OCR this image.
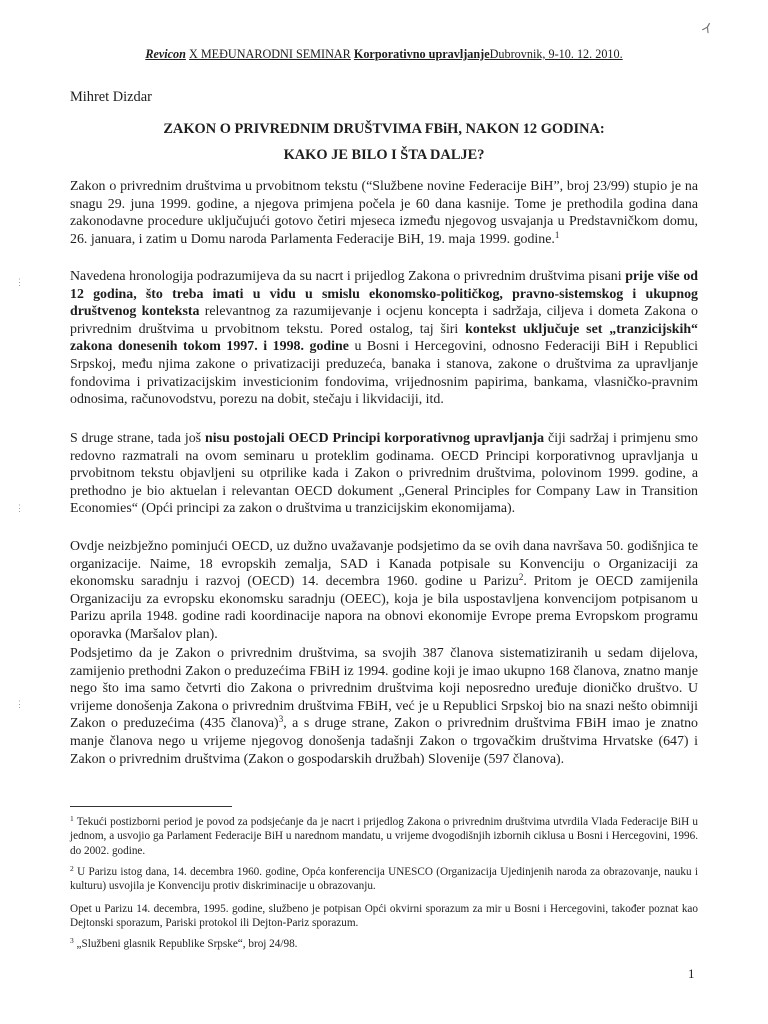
Revicon X MEĐUNARODNI SEMINAR Korporativno upravljanjeDubrovnik, 9-10. 12. 2010.
⅄
⋮
⋮
⋮
Mihret Dizdar
ZAKON O PRIVREDNIM DRUŠTVIMA FBiH, NAKON 12 GODINA:
KAKO JE BILO I ŠTA DALJE?

Zakon o privrednim društvima u prvobitnom tekstu (“Službene novine Federacije BiH”, broj 23/99) stupio je na snagu 29. juna 1999. godine, a njegova primjena počela je 60 dana kasnije. Tome je prethodila godina dana zakonodavne procedure uključujući gotovo četiri mjeseca između njegovog usvajanja u Predstavničkom domu, 26. januara, i zatim u Domu naroda Parlamenta Federacije BiH, 19. maja 1999. godine.$^1$

Navedena hronologija podrazumijeva da su nacrt i prijedlog Zakona o privrednim društvima pisani prije više od 12 godina, što treba imati u vidu u smislu ekonomsko-političkog, pravno-sistemskog i ukupnog društvenog konteksta relevantnog za razumijevanje i ocjenu koncepta i sadržaja, ciljeva i dometa Zakona o privrednim društvima u prvobitnom tekstu. Pored ostalog, taj širi kontekst uključuje set „tranzicijskih“ zakona donesenih tokom 1997. i 1998. godine u Bosni i Hercegovini, odnosno Federaciji BiH i Republici Srpskoj, među njima zakone o privatizaciji preduzeća, banaka i stanova, zakone o društvima za upravljanje fondovima i privatizacijskim investicionim fondovima, vrijednosnim papirima, bankama, vlasničko-pravnim odnosima, računovodstvu, porezu na dobit, stečaju i likvidaciji, itd.

S druge strane, tada još nisu postojali OECD Principi korporativnog upravljanja čiji sadržaj i primjenu smo redovno razmatrali na ovom seminaru u proteklim godinama. OECD Principi korporativnog upravljanja u prvobitnom tekstu objavljeni su otprilike kada i Zakon o privrednim društvima, polovinom 1999. godine, a prethodno je bio aktuelan i relevantan OECD dokument „General Principles for Company Law in Transition Economies“ (Opći principi za zakon o društvima u tranzicijskim ekonomijama).

Ovdje neizbježno pominjući OECD, uz dužno uvažavanje podsjetimo da se ovih dana navršava 50. godišnjica te organizacije. Naime, 18 evropskih zemalja, SAD i Kanada potpisale su Konvenciju o Organizaciji za ekonomsku saradnju i razvoj (OECD) 14. decembra 1960. godine u Parizu$^2$. Pritom je OECD zamijenila Organizaciju za evropsku ekonomsku saradnju (OEEC), koja je bila uspostavljena konvencijom potpisanom u Parizu aprila 1948. godine radi koordinacije napora na obnovi ekonomije Evrope prema Evropskom programu oporavka (Maršalov plan).

Podsjetimo da je Zakon o privrednim društvima, sa svojih 387 članova sistematiziranih u sedam dijelova, zamijenio prethodni Zakon o preduzećima FBiH iz 1994. godine koji je imao ukupno 168 članova, znatno manje nego što ima samo četvrti dio Zakona o privrednim društvima koji neposredno uređuje dioničko društvo. U vrijeme donošenja Zakona o privrednim društvima FBiH, već je u Republici Srpskoj bio na snazi nešto obimniji Zakon o preduzećima (435 članova)$^3$, a s druge strane, Zakon o privrednim društvima FBiH imao je znatno manje članova nego u vrijeme njegovog donošenja tadašnji Zakon o trgovačkim društvima Hrvatske (647) i Zakon o privrednim društvima (Zakon o gospodarskih družbah) Slovenije (597 članova).

$^1$ Tekući postizborni period je povod za podsjećanje da je nacrt i prijedlog Zakona o privrednim društvima utvrdila Vlada Federacije BiH u jednom, a usvojio ga Parlament Federacije BiH u narednom mandatu, u vrijeme dvogodišnjih izbornih ciklusa u Bosni i Hercegovini, 1996. do 2002. godine.

$^2$ U Parizu istog dana, 14. decembra 1960. godine, Opća konferencija UNESCO (Organizacija Ujedinjenih naroda za obrazovanje, nauku i kulturu) usvojila je Konvenciju protiv diskriminacije u obrazovanju.

Opet u Parizu 14. decembra, 1995. godine, službeno je potpisan Opći okvirni sporazum za mir u Bosni i Hercegovini, također poznat kao Dejtonski sporazum, Pariski protokol ili Dejton-Pariz sporazum.

$^3$ „Službeni glasnik Republike Srpske“, broj 24/98.

1
